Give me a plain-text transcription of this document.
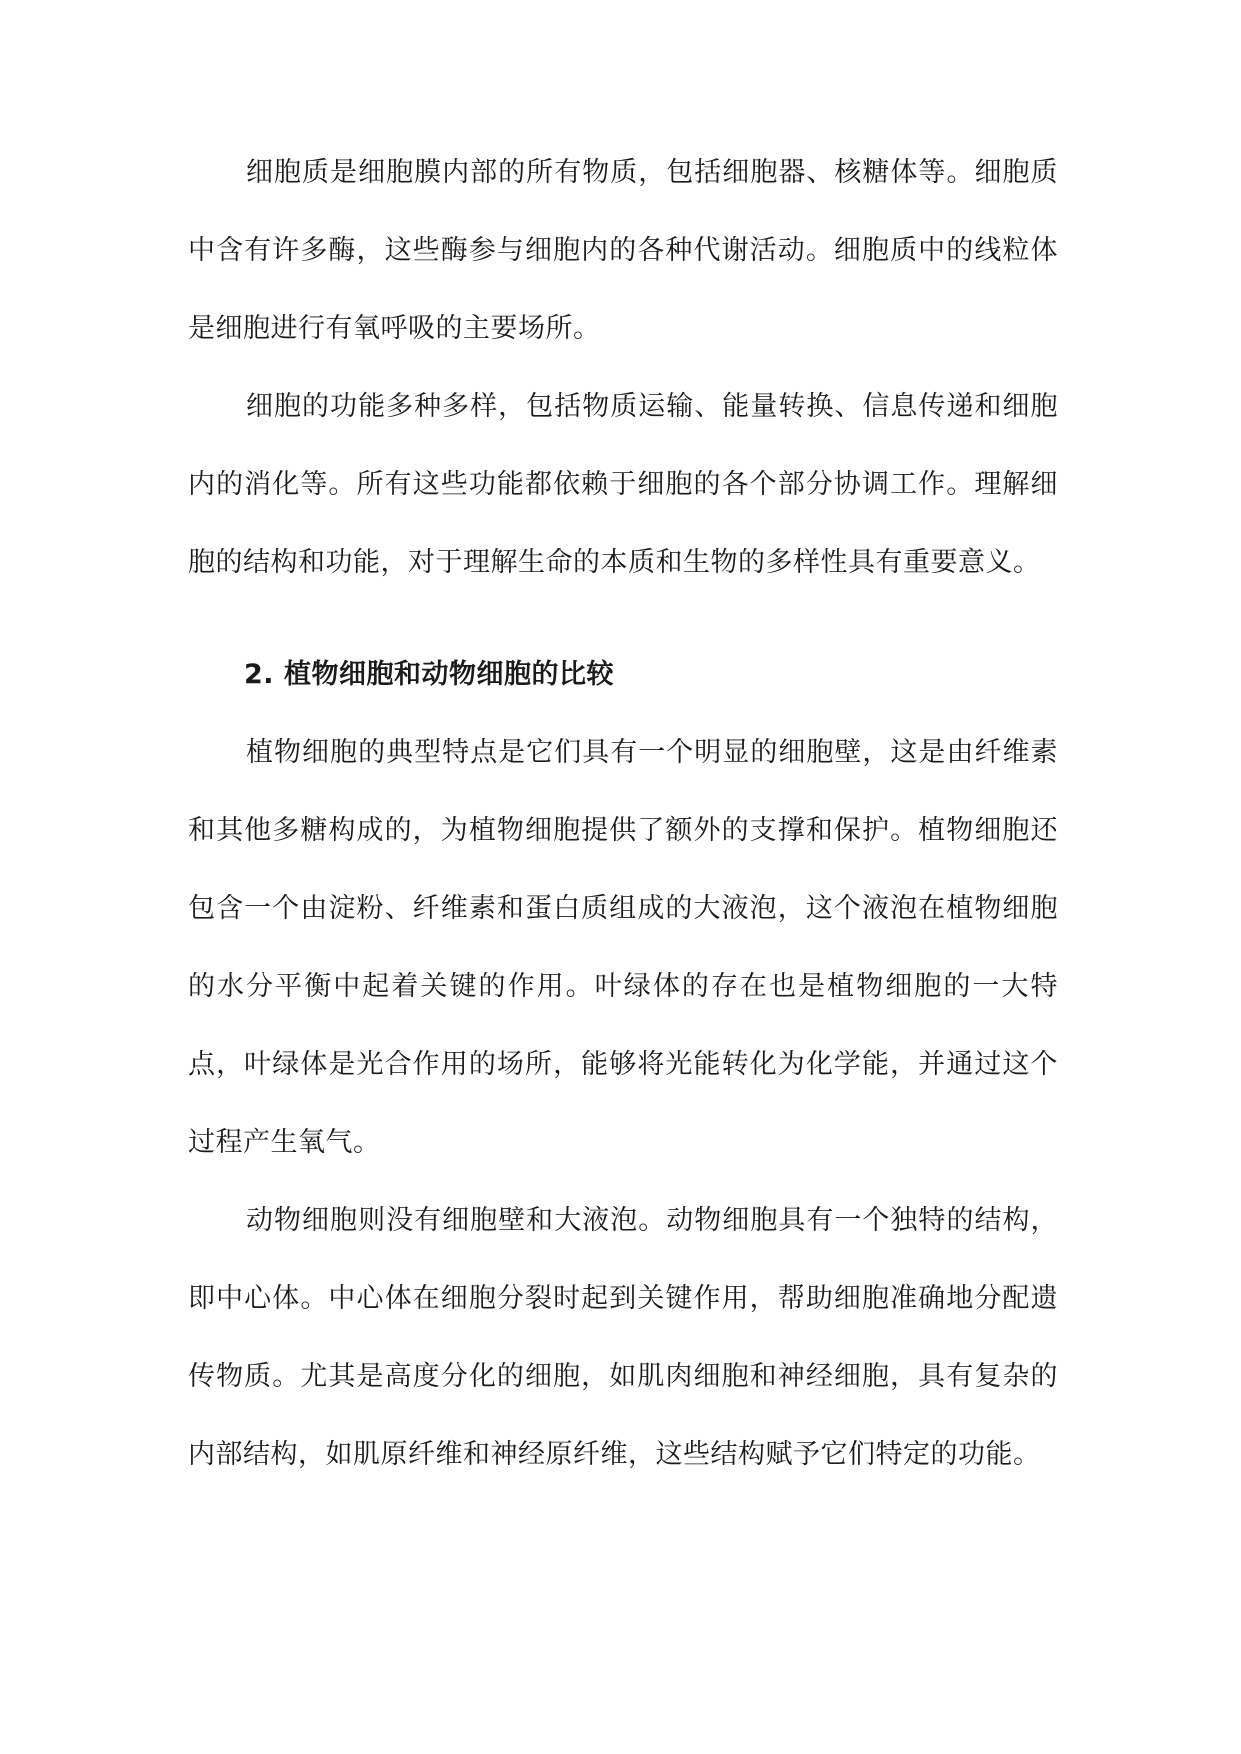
细胞质是细胞膜内部的所有物质，包括细胞器、核糖体等。细胞质中含有许多酶，这些酶参与细胞内的各种代谢活动。细胞质中的线粒体是细胞进行有氧呼吸的主要场所。

细胞的功能多种多样，包括物质运输、能量转换、信息传递和细胞内的消化等。所有这些功能都依赖于细胞的各个部分协调工作。理解细胞的结构和功能，对于理解生命的本质和生物的多样性具有重要意义。

2. 植物细胞和动物细胞的比较

植物细胞的典型特点是它们具有一个明显的细胞壁，这是由纤维素和其他多糖构成的，为植物细胞提供了额外的支撑和保护。植物细胞还包含一个由淀粉、纤维素和蛋白质组成的大液泡，这个液泡在植物细胞的水分平衡中起着关键的作用。叶绿体的存在也是植物细胞的一大特点，叶绿体是光合作用的场所，能够将光能转化为化学能，并通过这个过程产生氧气。

动物细胞则没有细胞壁和大液泡。动物细胞具有一个独特的结构，即中心体。中心体在细胞分裂时起到关键作用，帮助细胞准确地分配遗传物质。尤其是高度分化的细胞，如肌肉细胞和神经细胞，具有复杂的内部结构，如肌原纤维和神经原纤维，这些结构赋予它们特定的功能。
